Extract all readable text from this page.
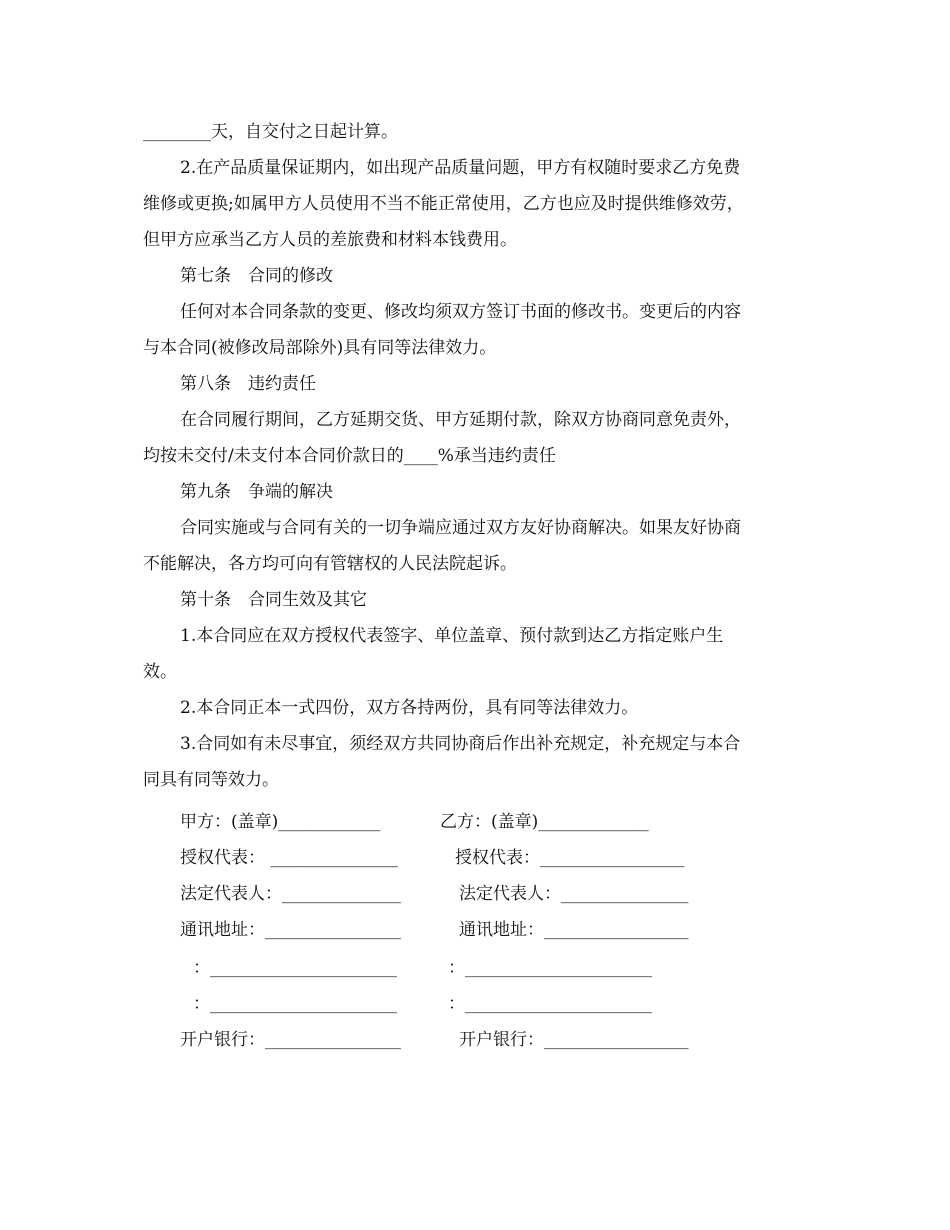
________天，自交付之日起计算。
2.在产品质量保证期内，如出现产品质量问题，甲方有权随时要求乙方免费
维修或更换;如属甲方人员使用不当不能正常使用，乙方也应及时提供维修效劳，
但甲方应承当乙方人员的差旅费和材料本钱费用。
第七条　合同的修改
任何对本合同条款的变更、修改均须双方签订书面的修改书。变更后的内容
与本合同(被修改局部除外)具有同等法律效力。
第八条　违约责任
在合同履行期间，乙方延期交货、甲方延期付款，除双方协商同意免责外，
均按未交付/未支付本合同价款日的____%承当违约责任
第九条　争端的解决
合同实施或与合同有关的一切争端应通过双方友好协商解决。如果友好协商
不能解决，各方均可向有管辖权的人民法院起诉。
第十条　合同生效及其它
1.本合同应在双方授权代表签字、单位盖章、预付款到达乙方指定账户生
效。
2.本合同正本一式四份，双方各持两份，具有同等法律效力。
3.合同如有未尽事宜，须经双方共同协商后作出补充规定，补充规定与本合
同具有同等效力。
甲方：(盖章)____________	乙方：(盖章)_____________
授权代表： _______________	授权代表：_________________
法定代表人：______________	法定代表人：_______________
通讯地址：________________	通讯地址：_________________
：______________________	：______________________
：______________________	：______________________
开户银行：________________	开户银行：_________________
